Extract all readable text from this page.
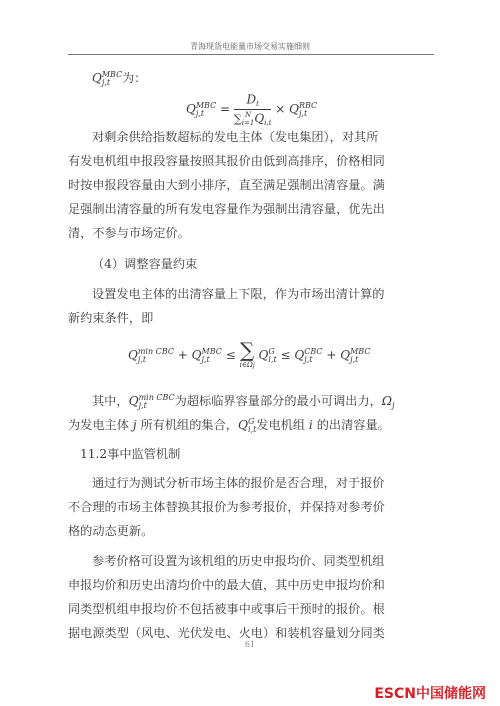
青海现货电能量市场交易实施细则
Q MBC
j,t	为：
Q MBC
j,t	= D
t
∑ N
i=1 Q
i,t × Q RBC
j,t
对剩余供给指数超标的发电主体（发电集团），对其所
有发电机组申报段容量按照其报价由低到高排序，价格相同
时按申报段容量由大到小排序，直至满足强制出清容量。满
足强制出清容量的所有发电容量作为强制出清容量，优先出
清，不参与市场定价。
（4）调整容量约束
设置发电主体的出清容量上下限，作为市场出清计算的
新约束条件，即
Q min CBC
j,t	+ Q MBC
j,t	≤ ∑
i∈Ωj
Q G
i,t ≤ Q CBC
j,t	+ Q MBC
j,t
其中，Q min CBC
j,t	为超标临界容量部分的最小可调出力，Ω
j
为发电主体 j 所有机组的集合，Q G
i,t 发电机组 i 的出清容量。
11.2事中监管机制
通过行为测试分析市场主体的报价是否合理，对于报价
不合理的市场主体替换其报价为参考报价，并保持对参考价
格的动态更新。
参考价格可设置为该机组的历史申报均价、同类型机组
申报均价和历史出清均价中的最大值，其中历史申报均价和
同类型机组申报均价不包括被事中或事后干预时的报价。根
据电源类型（风电、光伏发电、火电）和装机容量划分同类
61
ESCN中国储能网
